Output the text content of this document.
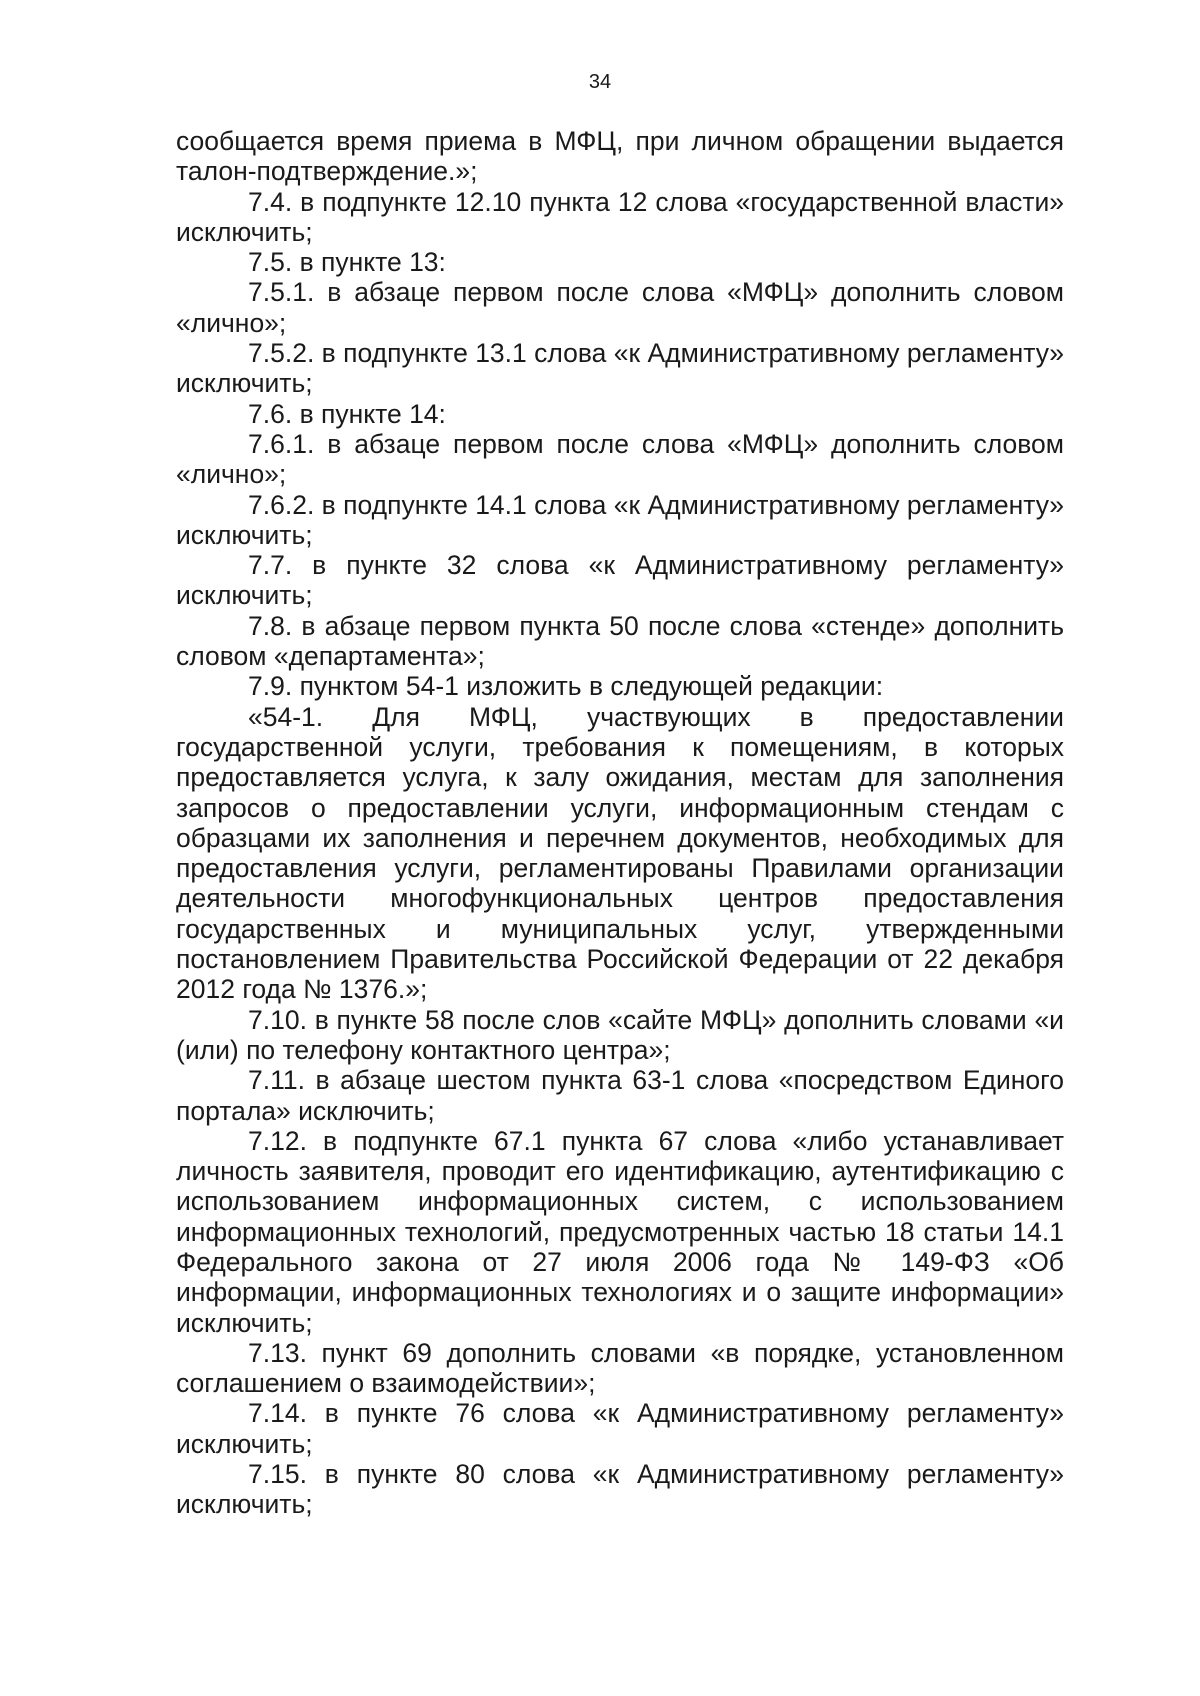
34

сообщается время приема в МФЦ, при личном обращении выдается талон-подтверждение.»;

7.4. в подпункте 12.10 пункта 12 слова «государственной власти» исключить;

7.5. в пункте 13:

7.5.1. в абзаце первом после слова «МФЦ» дополнить словом «лично»;

7.5.2. в подпункте 13.1 слова «к Административному регламенту» исключить;

7.6. в пункте 14:

7.6.1. в абзаце первом после слова «МФЦ» дополнить словом «лично»;

7.6.2. в подпункте 14.1 слова «к Административному регламенту» исключить;

7.7. в пункте 32 слова «к Административному регламенту» исключить;

7.8. в абзаце первом пункта 50 после слова «стенде» дополнить словом «департамента»;

7.9. пунктом 54-1 изложить в следующей редакции:

«54-1. Для МФЦ, участвующих в предоставлении государственной услуги, требования к помещениям, в которых предоставляется услуга, к залу ожидания, местам для заполнения запросов о предоставлении услуги, информационным стендам с образцами их заполнения и перечнем документов, необходимых для предоставления услуги, регламентированы Правилами организации деятельности многофункциональных центров предоставления государственных и муниципальных услуг, утвержденными постановлением Правительства Российской Федерации от 22 декабря 2012 года № 1376.»;

7.10. в пункте 58 после слов «сайте МФЦ» дополнить словами «и (или) по телефону контактного центра»;

7.11. в абзаце шестом пункта 63-1 слова «посредством Единого портала» исключить;

7.12. в подпункте 67.1 пункта 67 слова «либо устанавливает личность заявителя, проводит его идентификацию, аутентификацию с использованием информационных систем, с использованием информационных технологий, предусмотренных частью 18 статьи 14.1 Федерального закона от 27 июля 2006 года № 149-ФЗ «Об информации, информационных технологиях и о защите информации» исключить;

7.13. пункт 69 дополнить словами «в порядке, установленном соглашением о взаимодействии»;

7.14. в пункте 76 слова «к Административному регламенту» исключить;

7.15. в пункте 80 слова «к Административному регламенту» исключить;
